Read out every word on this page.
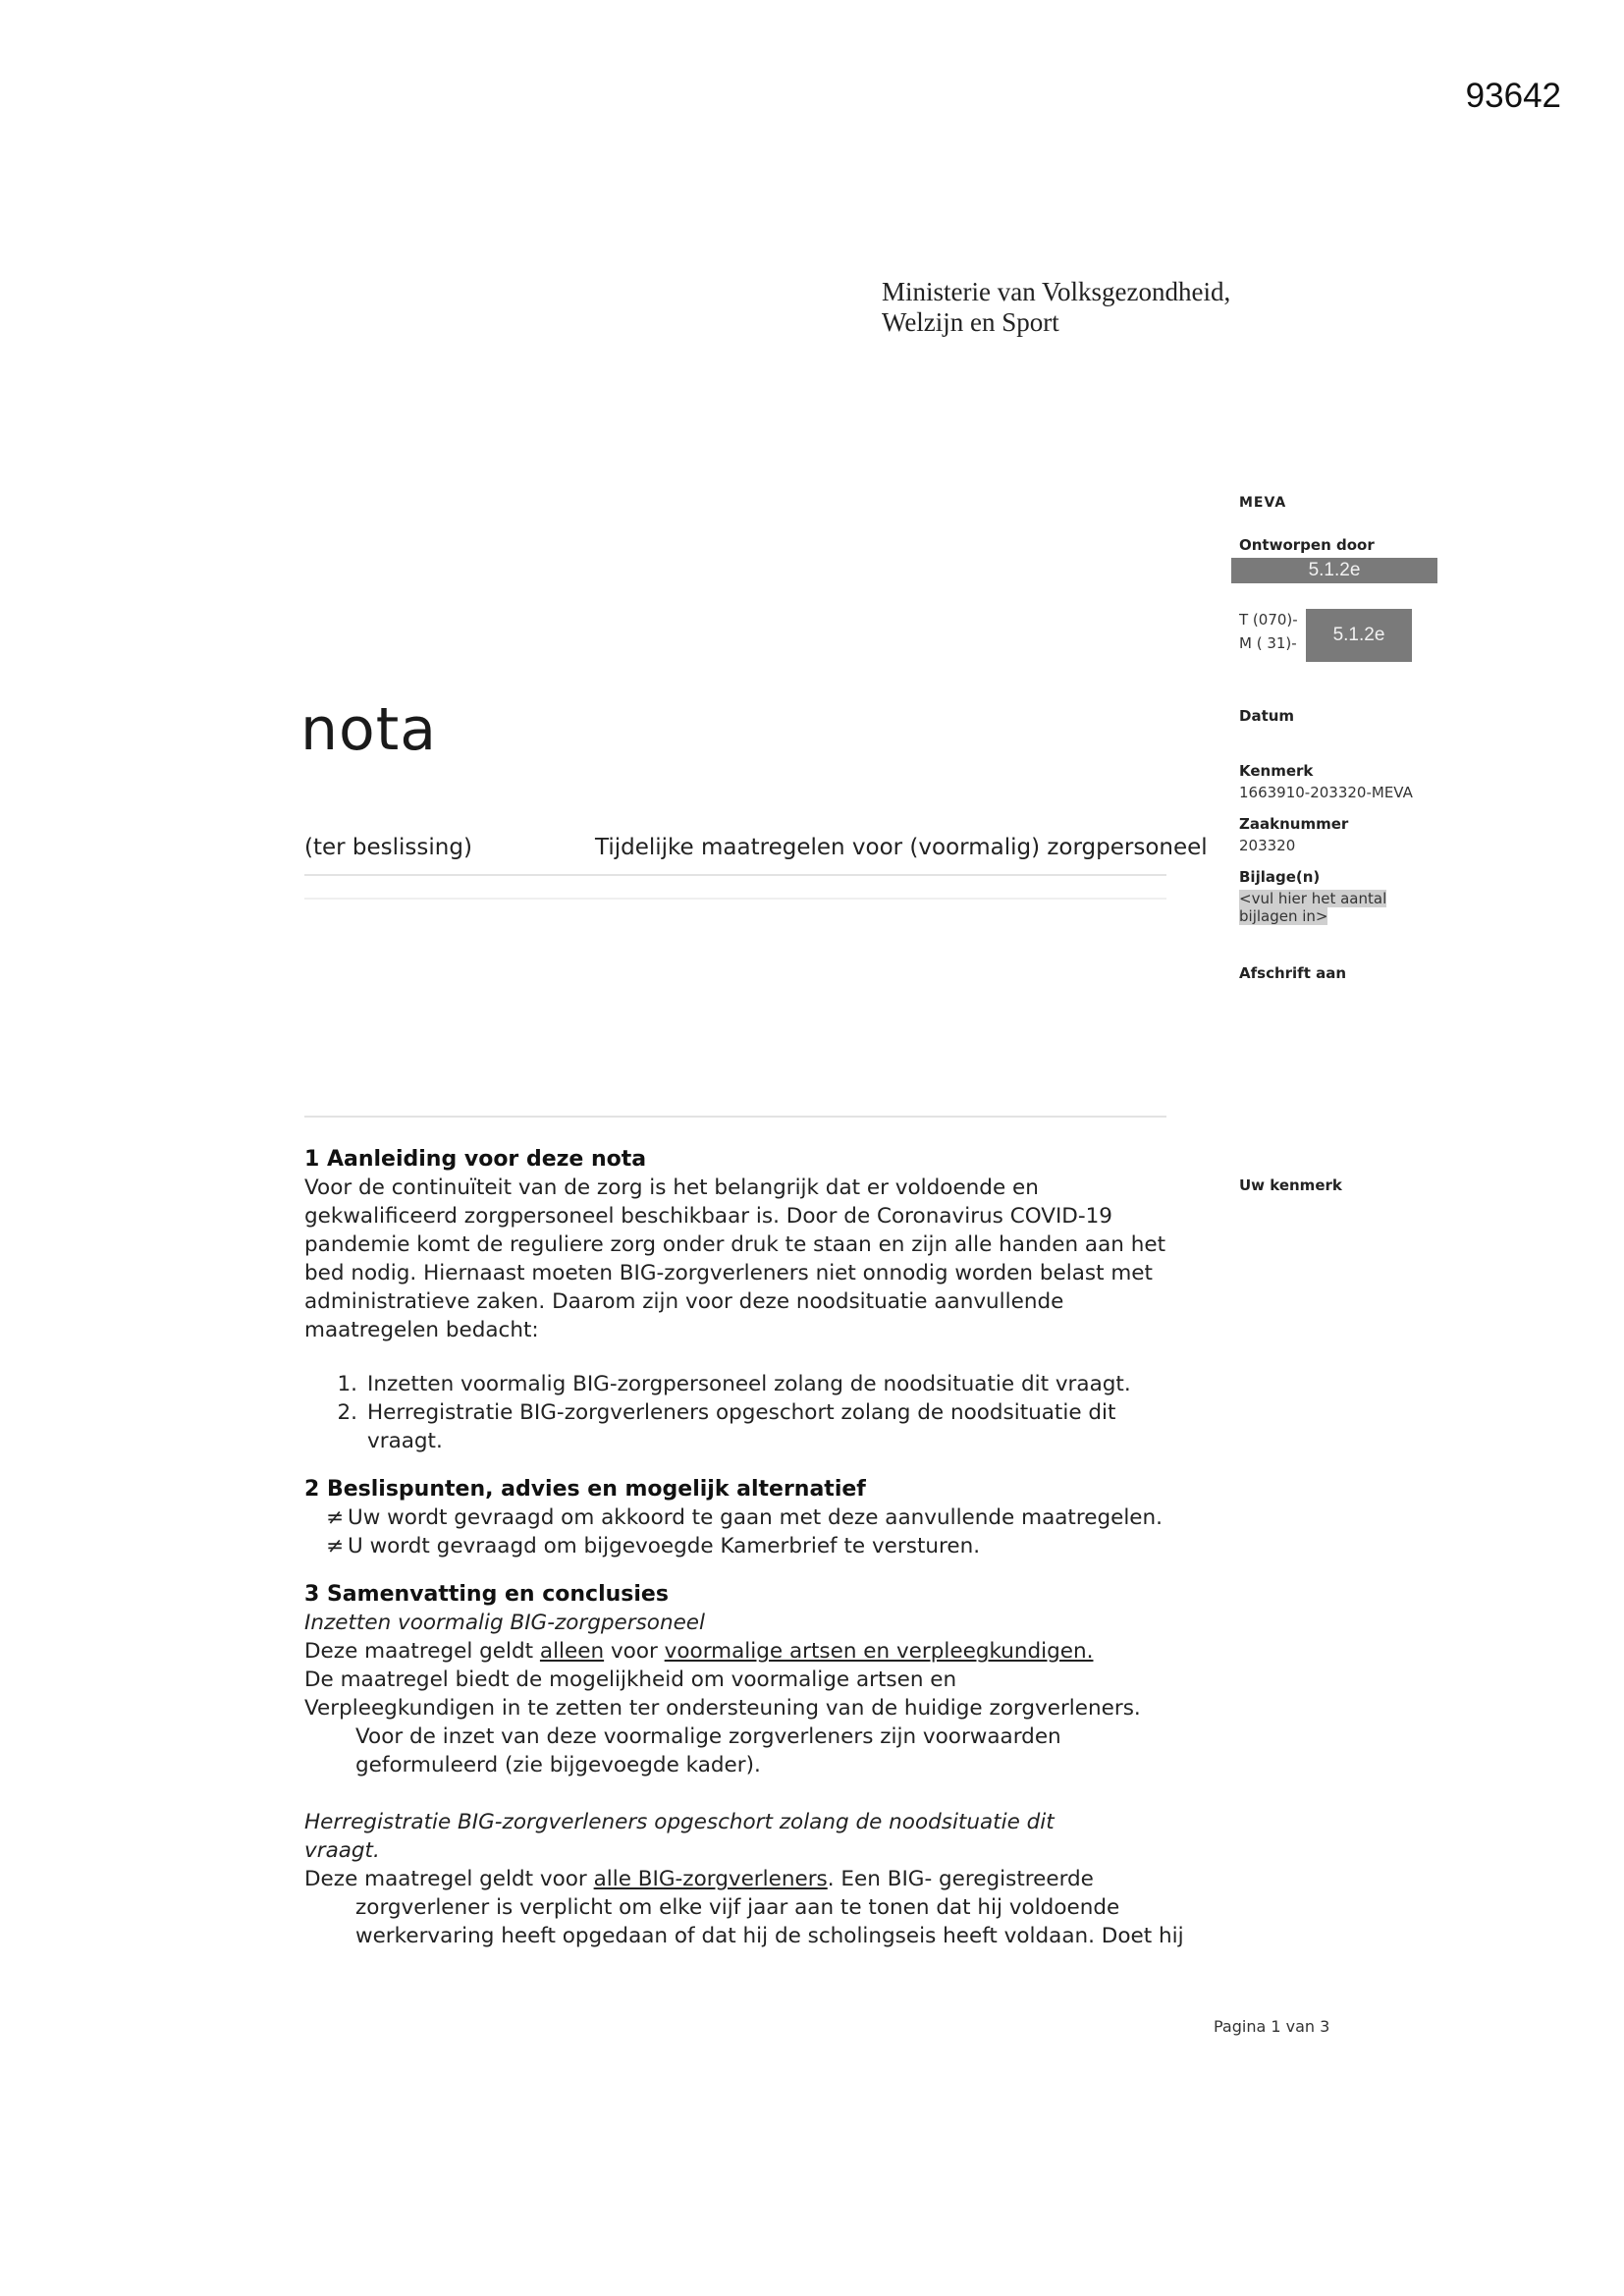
93642
Ministerie van Volksgezondheid,
Welzijn en Sport
nota
MEVA
Ontworpen door
5.1.2e
T (070)-
M ( 31)-	5.1.2e
Datum
Kenmerk
1663910-203320-MEVA
Zaaknummer
203320
Bijlage(n)
<vul hier het aantal
bijlagen in>
Afschrift aan
Uw kenmerk
(ter beslissing)	Tijdelijke maatregelen voor (voormalig) zorgpersoneel
1 Aanleiding voor deze nota

Voor de continuïteit van de zorg is het belangrijk dat er voldoende en gekwalificeerd zorgpersoneel beschikbaar is. Door de Coronavirus COVID-19 pandemie komt de reguliere zorg onder druk te staan en zijn alle handen aan het bed nodig. Hiernaast moeten BIG-zorgverleners niet onnodig worden belast met administratieve zaken. Daarom zijn voor deze noodsituatie aanvullende maatregelen bedacht:

1. Inzetten voormalig BIG-zorgpersoneel zolang de noodsituatie dit vraagt.
2. Herregistratie BIG-zorgverleners opgeschort zolang de noodsituatie dit vraagt.
2 Beslispunten, advies en mogelijk alternatief
≠ Uw wordt gevraagd om akkoord te gaan met deze aanvullende maatregelen.
≠ U wordt gevraagd om bijgevoegde Kamerbrief te versturen.
3 Samenvatting en conclusies

Inzetten voormalig BIG-zorgpersoneel

Deze maatregel geldt alleen voor voormalige artsen en verpleegkundigen.

De maatregel biedt de mogelijkheid om voormalige artsen en

Verpleegkundigen in te zetten ter ondersteuning van de huidige zorgverleners.

Voor de inzet van deze voormalige zorgverleners zijn voorwaarden geformuleerd (zie bijgevoegde kader).

Herregistratie BIG-zorgverleners opgeschort zolang de noodsituatie dit vraagt.

Deze maatregel geldt voor alle BIG-zorgverleners. Een BIG- geregistreerde

zorgverlener is verplicht om elke vijf jaar aan te tonen dat hij voldoende werkervaring heeft opgedaan of dat hij de scholingseis heeft voldaan. Doet hij

Pagina 1 van 3
